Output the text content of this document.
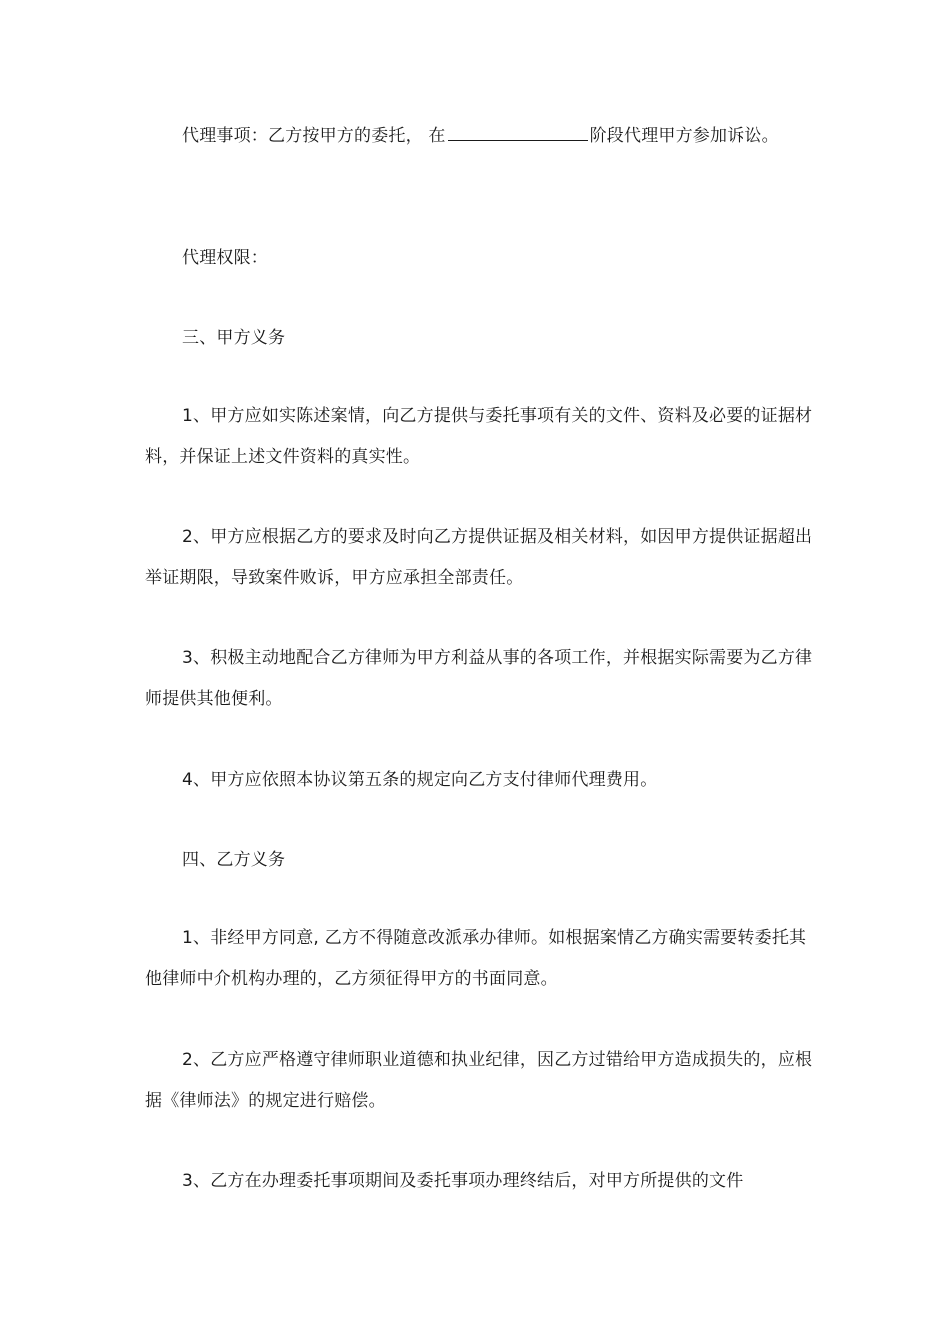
代理事项：乙方按甲方的委托， 在	阶段代理甲方参加诉讼。

代理权限：

三、甲方义务

1、甲方应如实陈述案情，向乙方提供与委托事项有关的文件、资料及必要的证据材料，并保证上述文件资料的真实性。

2、甲方应根据乙方的要求及时向乙方提供证据及相关材料，如因甲方提供证据超出举证期限，导致案件败诉，甲方应承担全部责任。

3、积极主动地配合乙方律师为甲方利益从事的各项工作，并根据实际需要为乙方律师提供其他便利。

4、甲方应依照本协议第五条的规定向乙方支付律师代理费用。

四、乙方义务

1、非经甲方同意, 乙方不得随意改派承办律师。如根据案情乙方确实需要转委托其他律师中介机构办理的，乙方须征得甲方的书面同意。

2、乙方应严格遵守律师职业道德和执业纪律，因乙方过错给甲方造成损失的，应根据《律师法》的规定进行赔偿。

3、乙方在办理委托事项期间及委托事项办理终结后，对甲方所提供的文件
